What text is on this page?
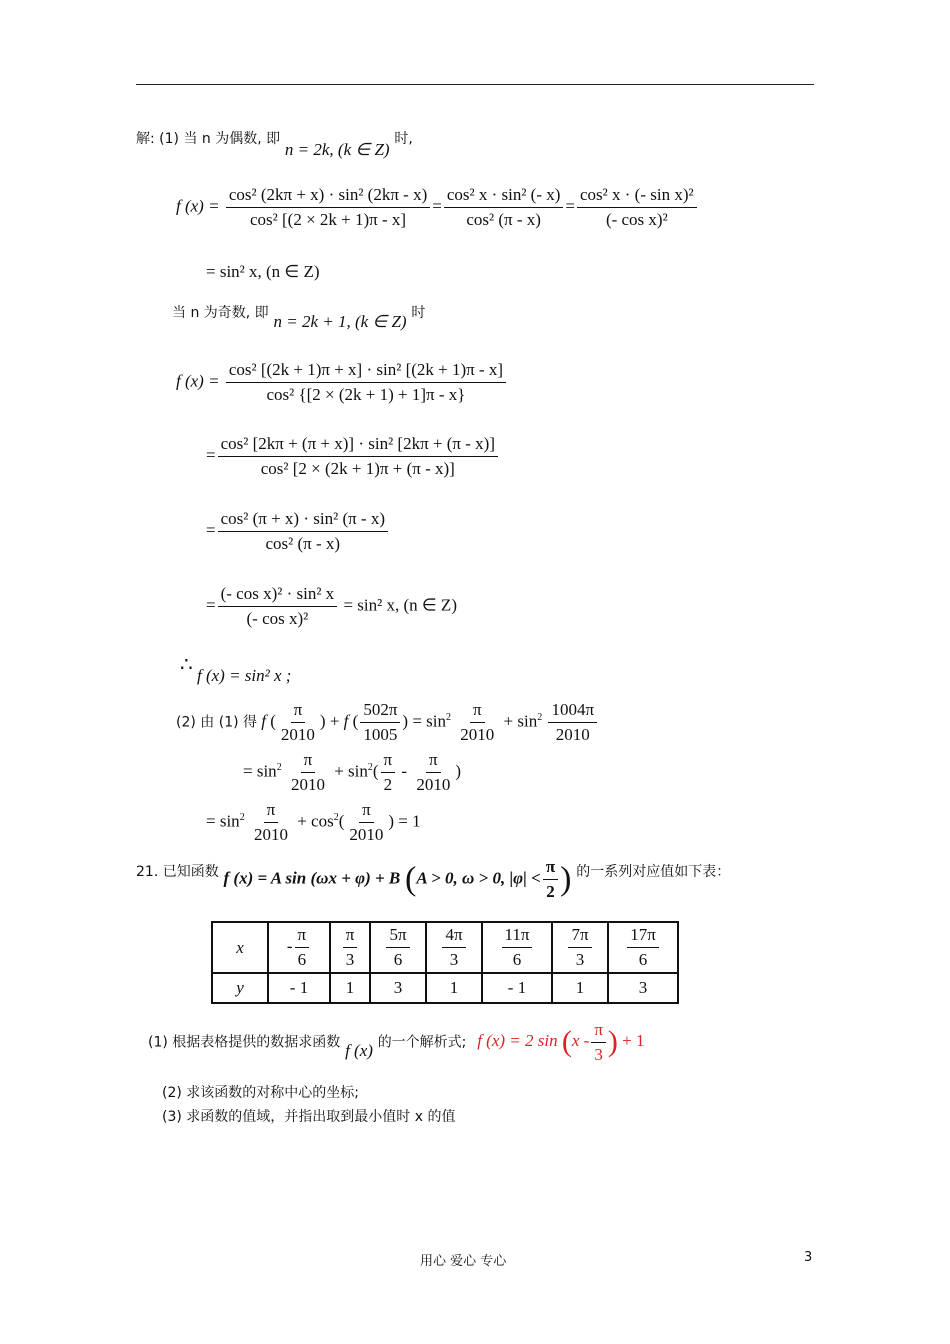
解: (1) 当 n 为偶数, 即 n = 2k, (k ∈ Z) 时,
f $(x) = \frac{\text{cos² (2kπ + x) · sin² (2kπ - x)}}{\text{cos² [(2 × 2k + 1)π - x]}} = \frac{\text{cos² x · sin² (- x)}}{\text{cos² (π - x)}} = \frac{\text{cos² x · (- sin x)²}}{\text{(- cos x)²}}$
= sin² x, (n ∈ Z)
当 n 为奇数, 即 n = 2k + 1, (k ∈ Z) 时
f $(x) = \frac{\text{cos² [(2k + 1)π + x] · sin² [(2k + 1)π - x]}}{\text{cos² \{[2 × (2k + 1) + 1]π - x\}}}$
= $\frac{\text{cos² [2kπ + (π + x)] · sin² [2kπ + (π - x)]}}{\text{cos² [2 × (2k + 1)π + (π - x)]}}$
= $\frac{\text{cos² (π + x) · sin² (π - x)}}{\text{cos² (π - x)}}$
= $\frac{\text{(- cos x)² · sin² x}}{\text{(- cos x)²}} = \sin^2$ x, (n ∈ Z)
∴ f (x) = sin² x ;
(2) 由 (1) 得 f ( $\frac{\pi}{2010}$ ) + f ( $\frac{502\pi}{1005}$ ) = $\sin^2 \frac{\pi}{2010} + \sin^2 \frac{1004\pi}{2010}$
= $\sin^2 \frac{\pi}{2010} + \sin^2( \frac{\pi}{2} - \frac{\pi}{2010}$ )
= $\sin^2 \frac{\pi}{2010} + \cos^2( \frac{\pi}{2010}$ ) = 1
21. 已知函数 f (x) = A sin (ωx + φ) + B (A > 0, ω > 0, $|\varphi| < \frac{\pi}{2}$ ) 的一系列对应值如下表：
x	- $\frac{\pi}{6}$	$\frac{\pi}{3}$	$\frac{5\pi}{6}$	$\frac{4\pi}{3}$	$\frac{11\pi}{6}$	$\frac{7\pi}{3}$	$\frac{17\pi}{6}$

y	- 1	1	3	1	- 1	1	3
(1) 根据表格提供的数据求函数 f (x) 的一个解析式; f (x) = 2 $\sin (x - \frac{\pi}{3}$ ) + 1
(2) 求该函数的对称中心的坐标;
(3) 求函数的值域，并指出取到最小值时 x 的值
用心 爱心 专心	3
